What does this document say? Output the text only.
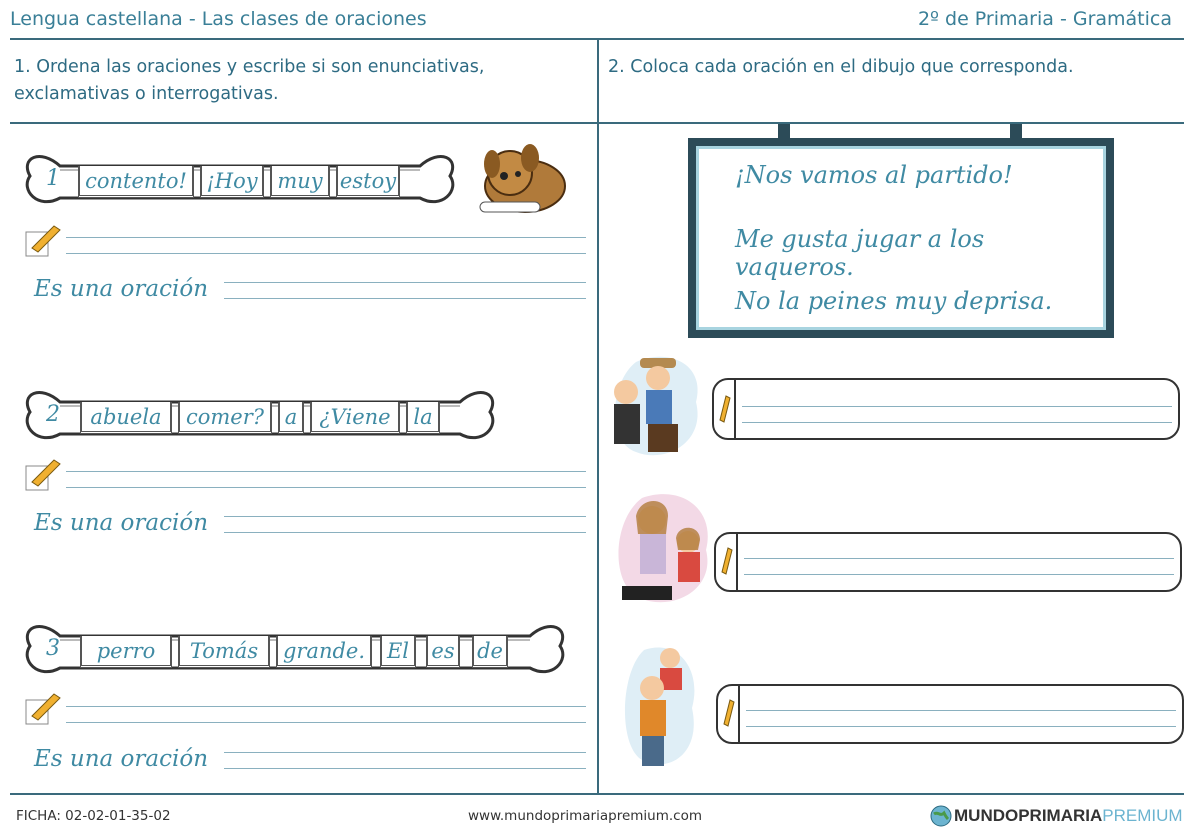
Lengua castellana - Las clases de oraciones	2º de Primaria - Gramática
1. Ordena las oraciones y escribe si son enunciativas, exclamativas o interrogativas.
2. Coloca cada oración en el dibujo que corresponda.
1	contento! ¡Hoy muy estoy
Es una oración
2	abuela	comer? a	¿Viene	la
Es una oración
3	perro	Tomás	grande.	El	es de
Es una oración
¡Nos vamos al partido!
Me gusta jugar a los vaqueros.
No la peines muy deprisa.
FICHA: 02-02-01-35-02	www.mundoprimariapremium.com	MUNDOPRIMARIAPREMIUM
